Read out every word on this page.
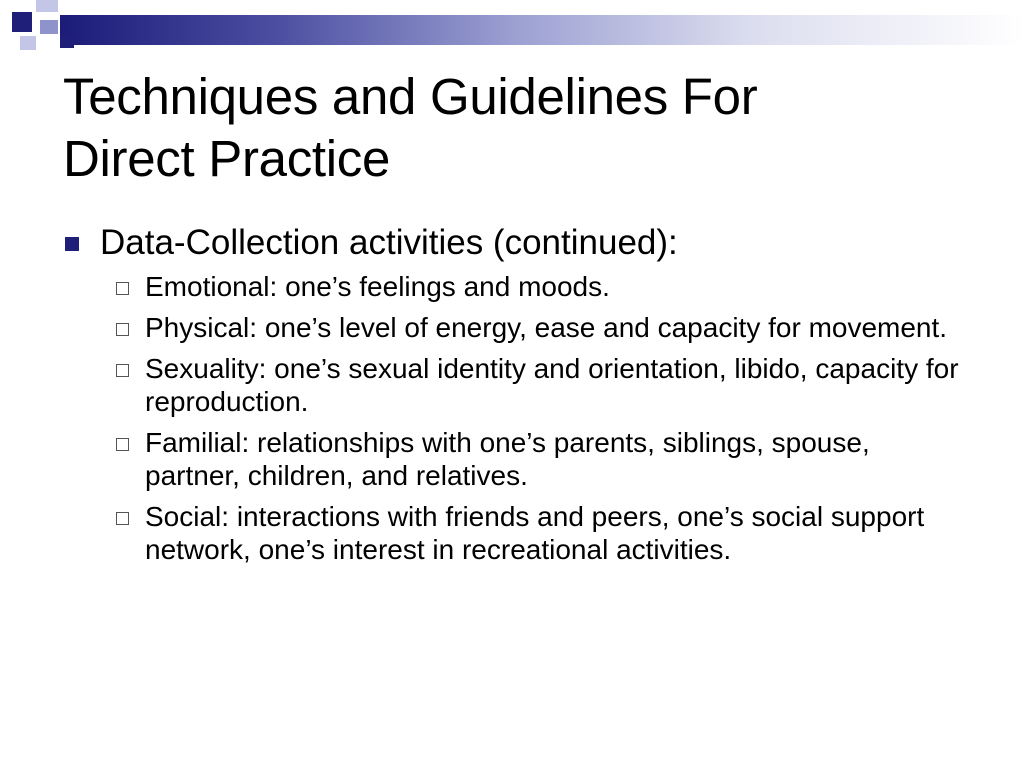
Techniques and Guidelines For
Direct Practice
Data-Collection activities (continued):
Emotional: one’s feelings and moods.
Physical: one’s level of energy, ease and capacity for movement.
Sexuality: one’s sexual identity and orientation, libido, capacity for reproduction.
Familial: relationships with one’s parents, siblings, spouse, partner, children, and relatives.
Social: interactions with friends and peers, one’s social support network, one’s interest in recreational activities.
